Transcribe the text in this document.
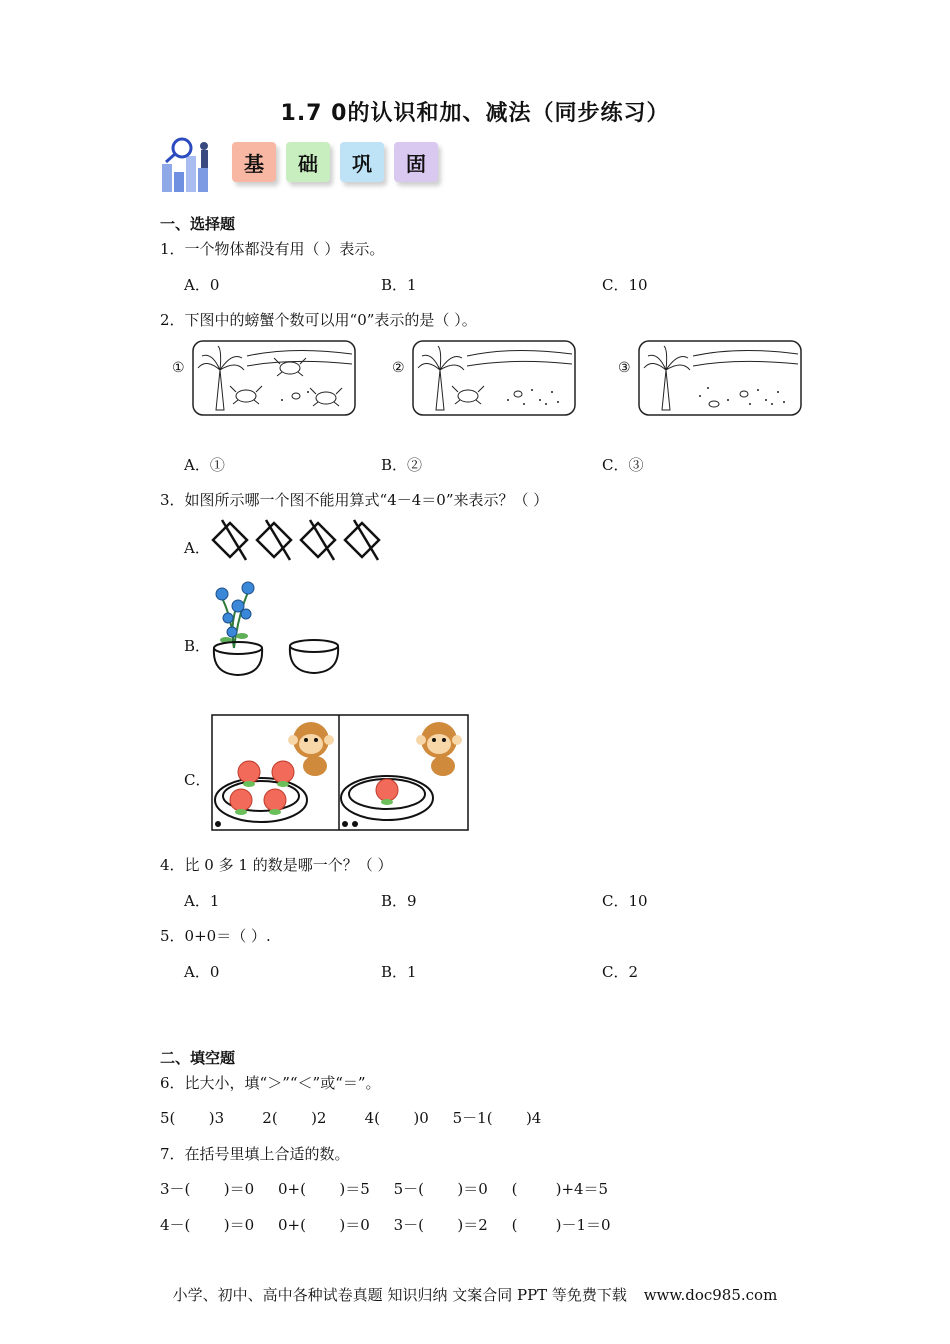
1.7 0的认识和加、减法（同步练习）
基	础	巩	固
一、选择题
1．一个物体都没有用（ ）表示。
A．0	B．1	C．10
2．下图中的螃蟹个数可以用“0”表示的是（ ）。
①	②	③
A．①	B．②	C．③
3．如图所示哪一个图不能用算式“4－4＝0”来表示？（ ）
A．
B．
C．
4．比 0 多 1 的数是哪一个？（ ）
A．1	B．9	C．10
5．0+0＝（ ）.
A．0	B．1	C．2
二、填空题
6．比大小，填“＞”“＜”或“＝”。
5(       )3        2(       )2        4(       )0     5－1(       )4
7．在括号里填上合适的数。
3－(       )＝0     0+(       )＝5     5－(       )＝0     (        )+4＝5
4－(       )＝0     0+(       )＝0     3－(       )＝2     (        )－1＝0
小学、初中、高中各种试卷真题 知识归纳 文案合同 PPT 等免费下载 www.doc985.com
